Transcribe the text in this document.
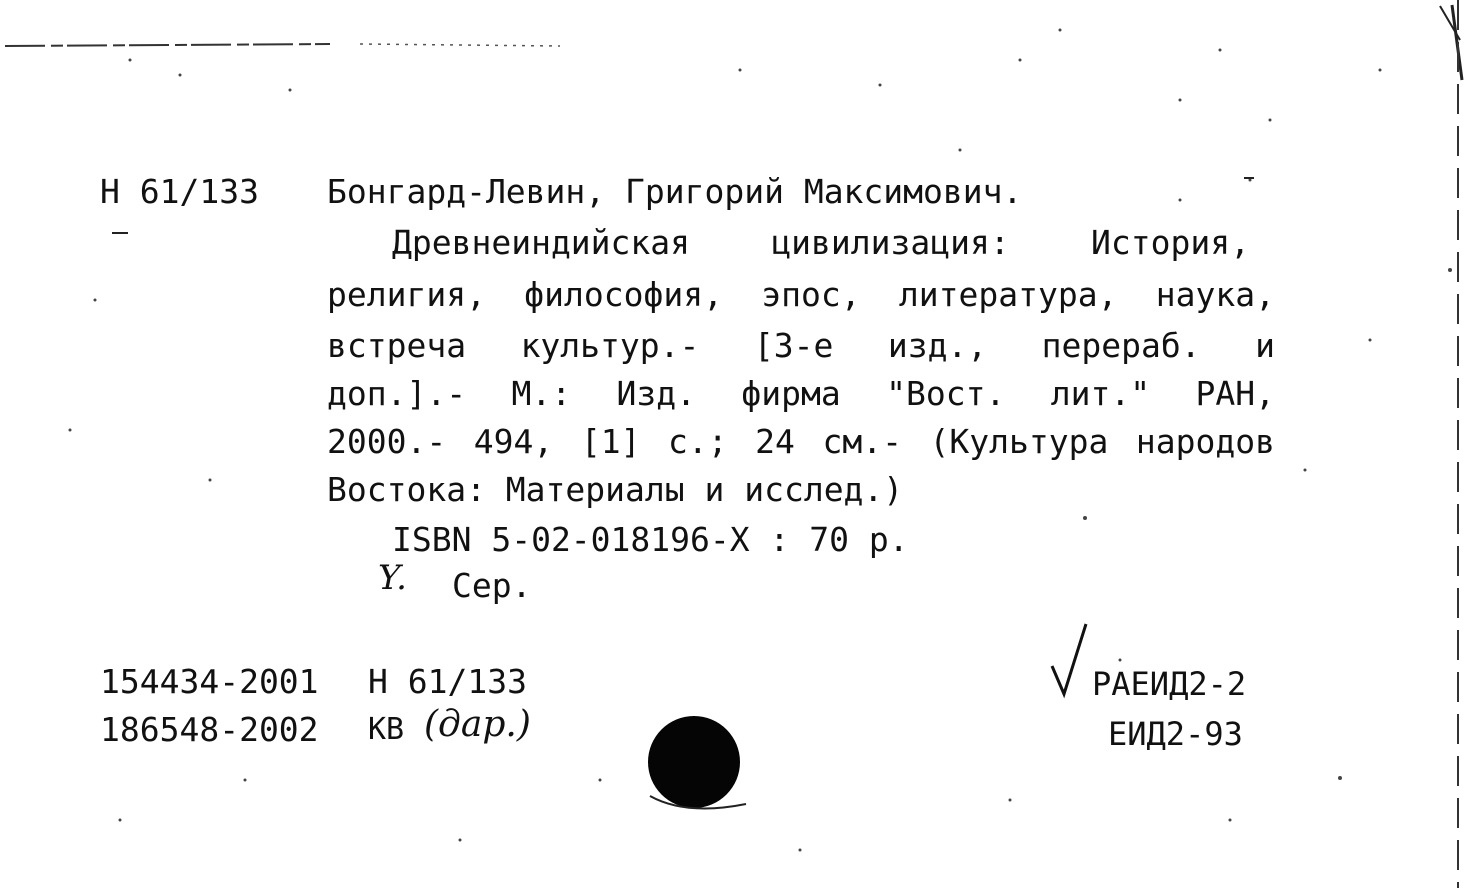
Н 61/133 Бонгард-Левин, Григорий Максимович.
Древнеиндийская цивилизация: История,
религия, философия, эпос, литература, наука,
встреча культур.- [3-е изд., перераб. и
доп.].- М.: Изд. фирма "Вост. лит." РАН,
2000.- 494, [1] с.; 24 см.- (Культура народов
Востока: Материалы и исслед.)
ISBN 5-02-018196-X : 70 р.
Y. Сер.
154434-2001 Н 61/133
186548-2002 КВ (дар.)
РАЕИД2-2
ЕИД2-93
